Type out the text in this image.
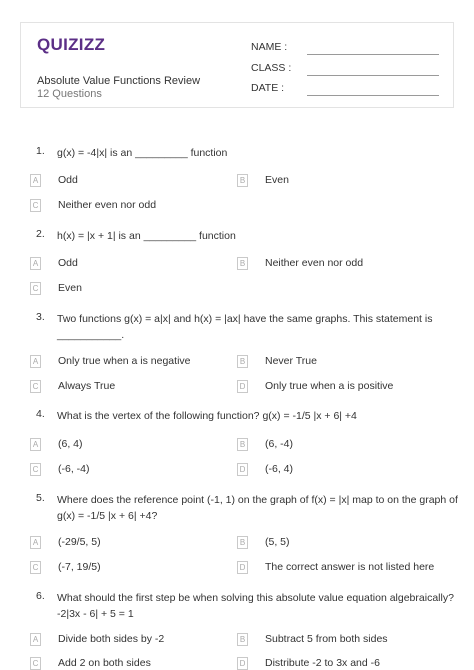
QUIZIZZ
Absolute Value Functions Review
12 Questions
NAME :
CLASS :
DATE :
1.	g(x) = -4|x| is an _________ function
A Odd	B Even
C Neither even nor odd
2.	h(x) = |x + 1| is an _________ function
A Odd	B Neither even nor odd
C Even
3.	Two functions g(x) = a|x| and h(x) = |ax| have the same graphs. This statement is ___________.
A Only true when a is negative	B Never True
C Always True	D Only true when a is positive
4.	What is the vertex of the following function? g(x) = -1/5 |x + 6| +4
A (6, 4)	B (6, -4)
C (-6, -4)	D (-6, 4)
5.	Where does the reference point (-1, 1) on the graph of f(x) = |x| map to on the graph of g(x) = -1/5 |x + 6| +4?
A (-29/5, 5)	B (5, 5)
C (-7, 19/5)	D The correct answer is not listed here
6.	What should the first step be when solving this absolute value equation algebraically? -2|3x - 6| + 5 = 1
A Divide both sides by -2	B Subtract 5 from both sides
C Add 2 on both sides	D Distribute -2 to 3x and -6
